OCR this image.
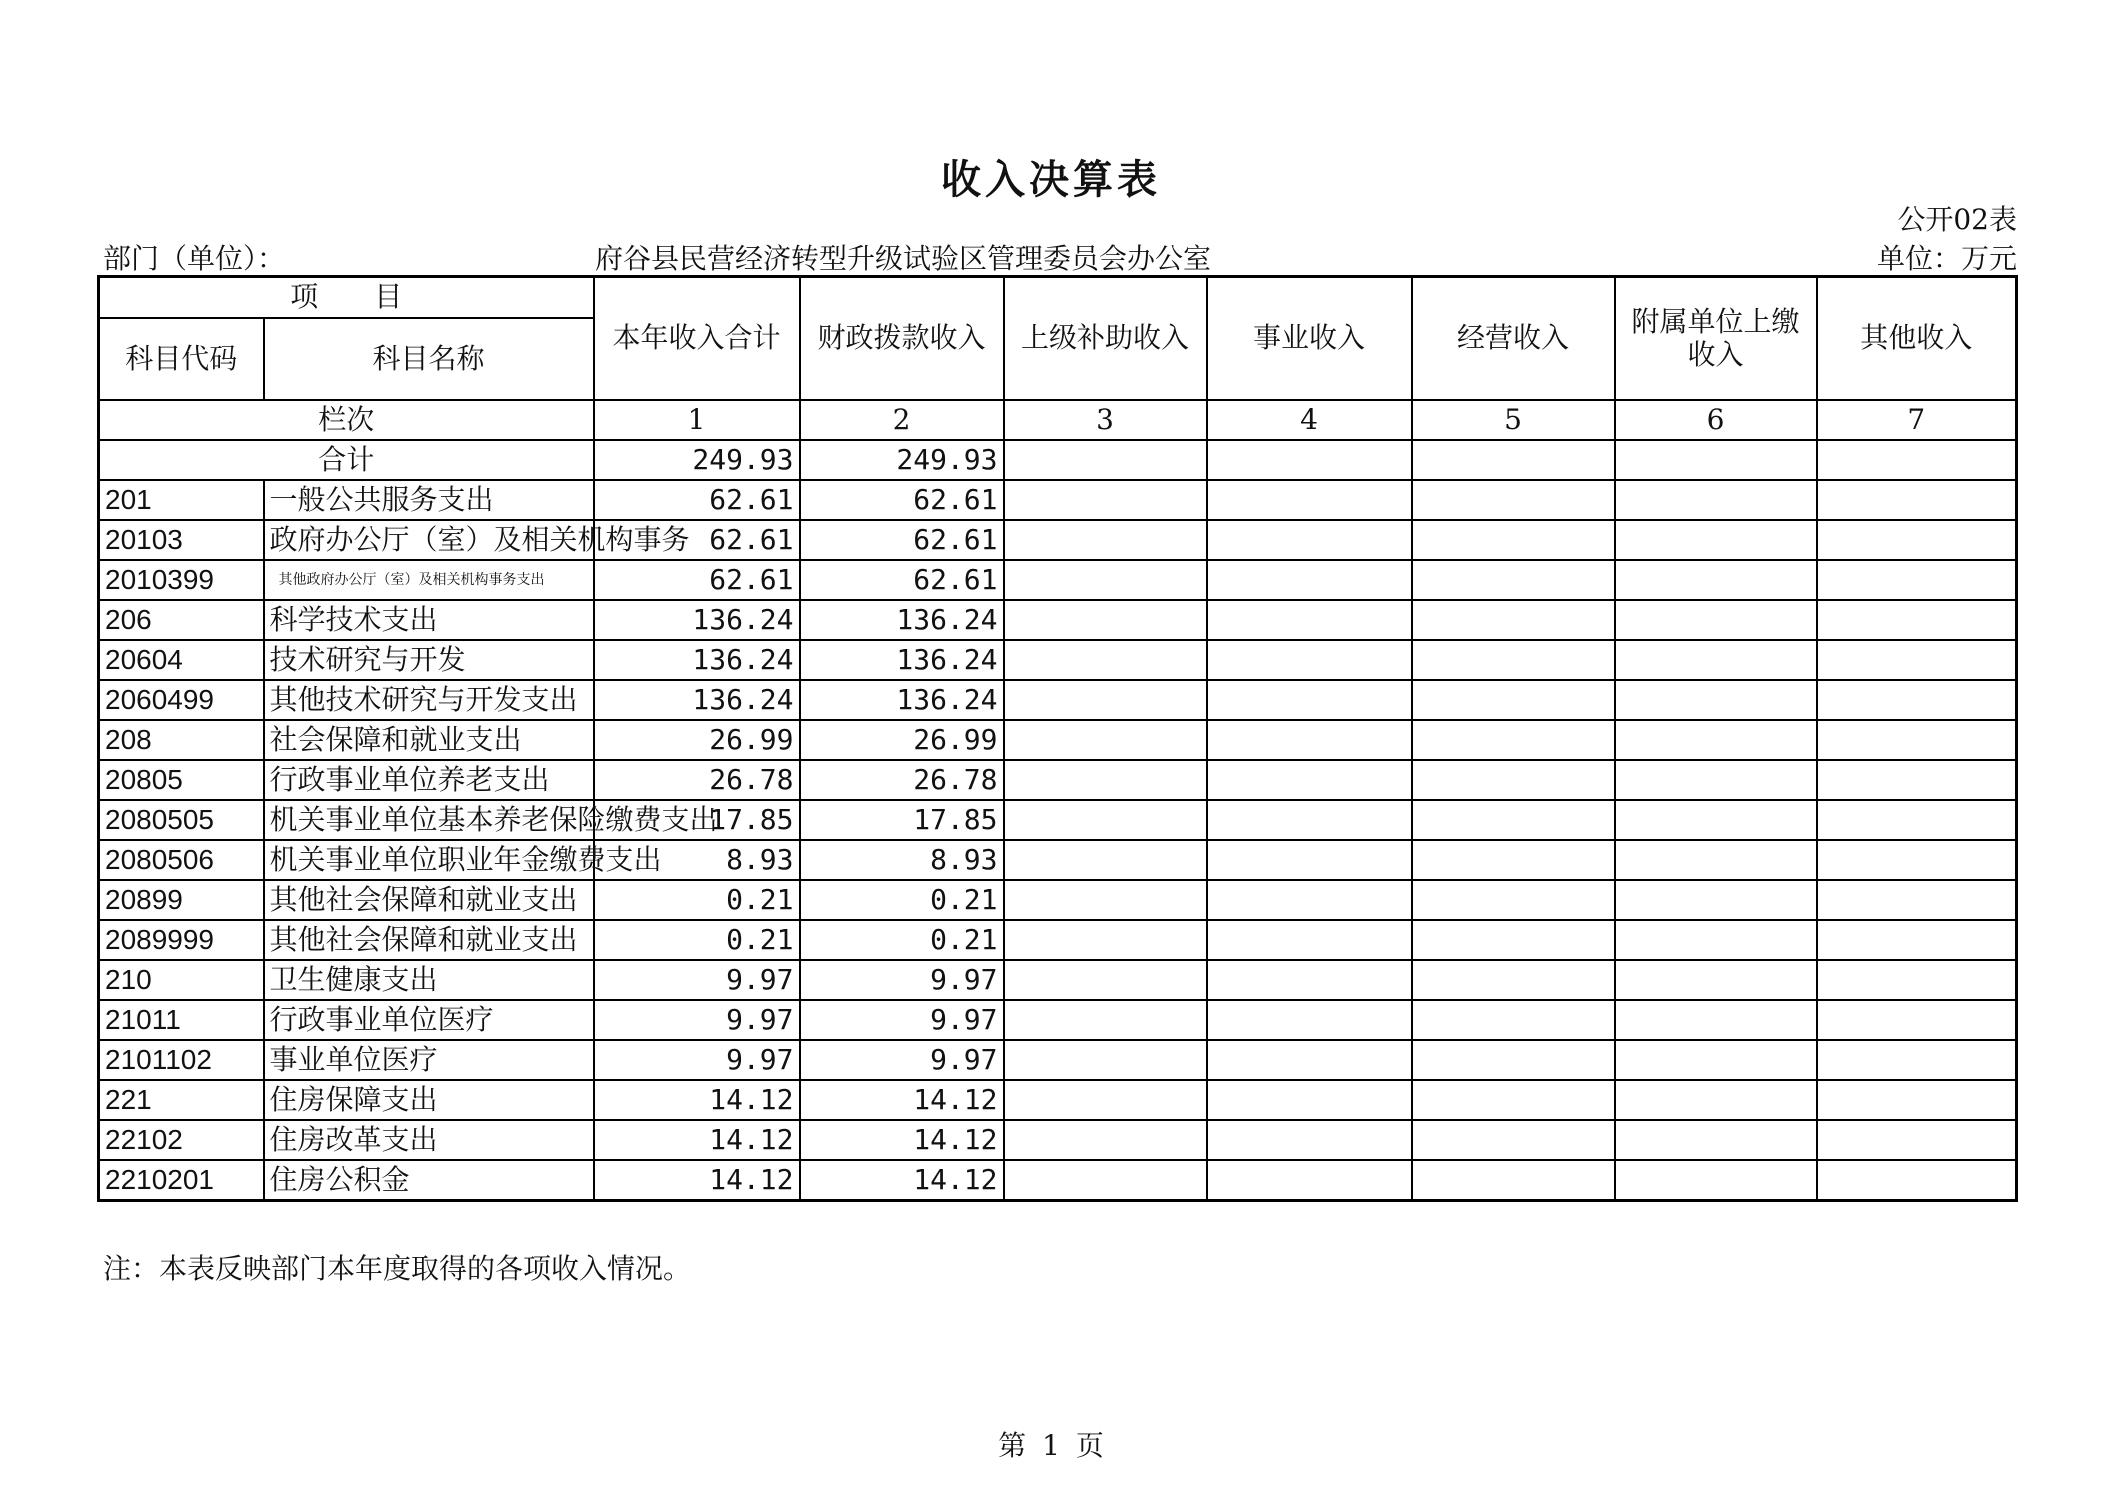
收入决算表
公开02表
部门（单位）：	府谷县民营经济转型升级试验区管理委员会办公室	单位：万元
项　　目		本年收入合计	财政拨款收入	上级补助收入	事业收入	经营收入	附属单位上缴收入	其他收入
科目代码	科目名称							
栏次		1	2	3	4	5	6	7
合计		249.93	249.93					
201	一般公共服务支出	62.61	62.61					
20103	政府办公厅（室）及相关机构事务	62.61	62.61					
2010399	其他政府办公厅（室）及相关机构事务支出	62.61	62.61					
206	科学技术支出	136.24	136.24					
20604	技术研究与开发	136.24	136.24					
2060499	其他技术研究与开发支出	136.24	136.24					
208	社会保障和就业支出	26.99	26.99					
20805	行政事业单位养老支出	26.78	26.78					
2080505	机关事业单位基本养老保险缴费支出	17.85	17.85					
2080506	机关事业单位职业年金缴费支出	8.93	8.93					
20899	其他社会保障和就业支出	0.21	0.21					
2089999	其他社会保障和就业支出	0.21	0.21					
210	卫生健康支出	9.97	9.97					
21011	行政事业单位医疗	9.97	9.97					
2101102	事业单位医疗	9.97	9.97					
221	住房保障支出	14.12	14.12					
22102	住房改革支出	14.12	14.12					
2210201	住房公积金	14.12	14.12					
注：本表反映部门本年度取得的各项收入情况。
第 1 页
